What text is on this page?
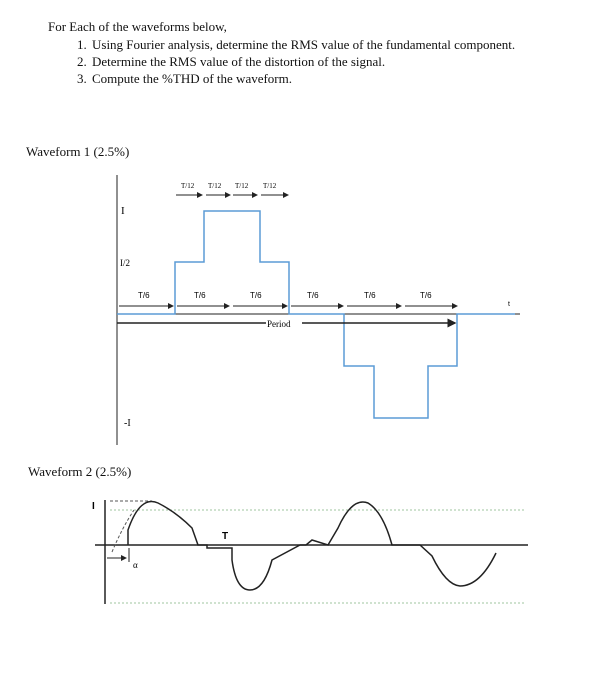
For Each of the waveforms below,
1. Using Fourier analysis, determine the RMS value of the fundamental component.
2. Determine the RMS value of the distortion of the signal.
3. Compute the %THD of the waveform.
Waveform 1 (2.5%)
Waveform 2 (2.5%)
T/12 T/12 T/12 T/12
T/6	T/6	T/6	T/6	T/6	T/6
Period
I
I/2
-I
t
I
T
α
